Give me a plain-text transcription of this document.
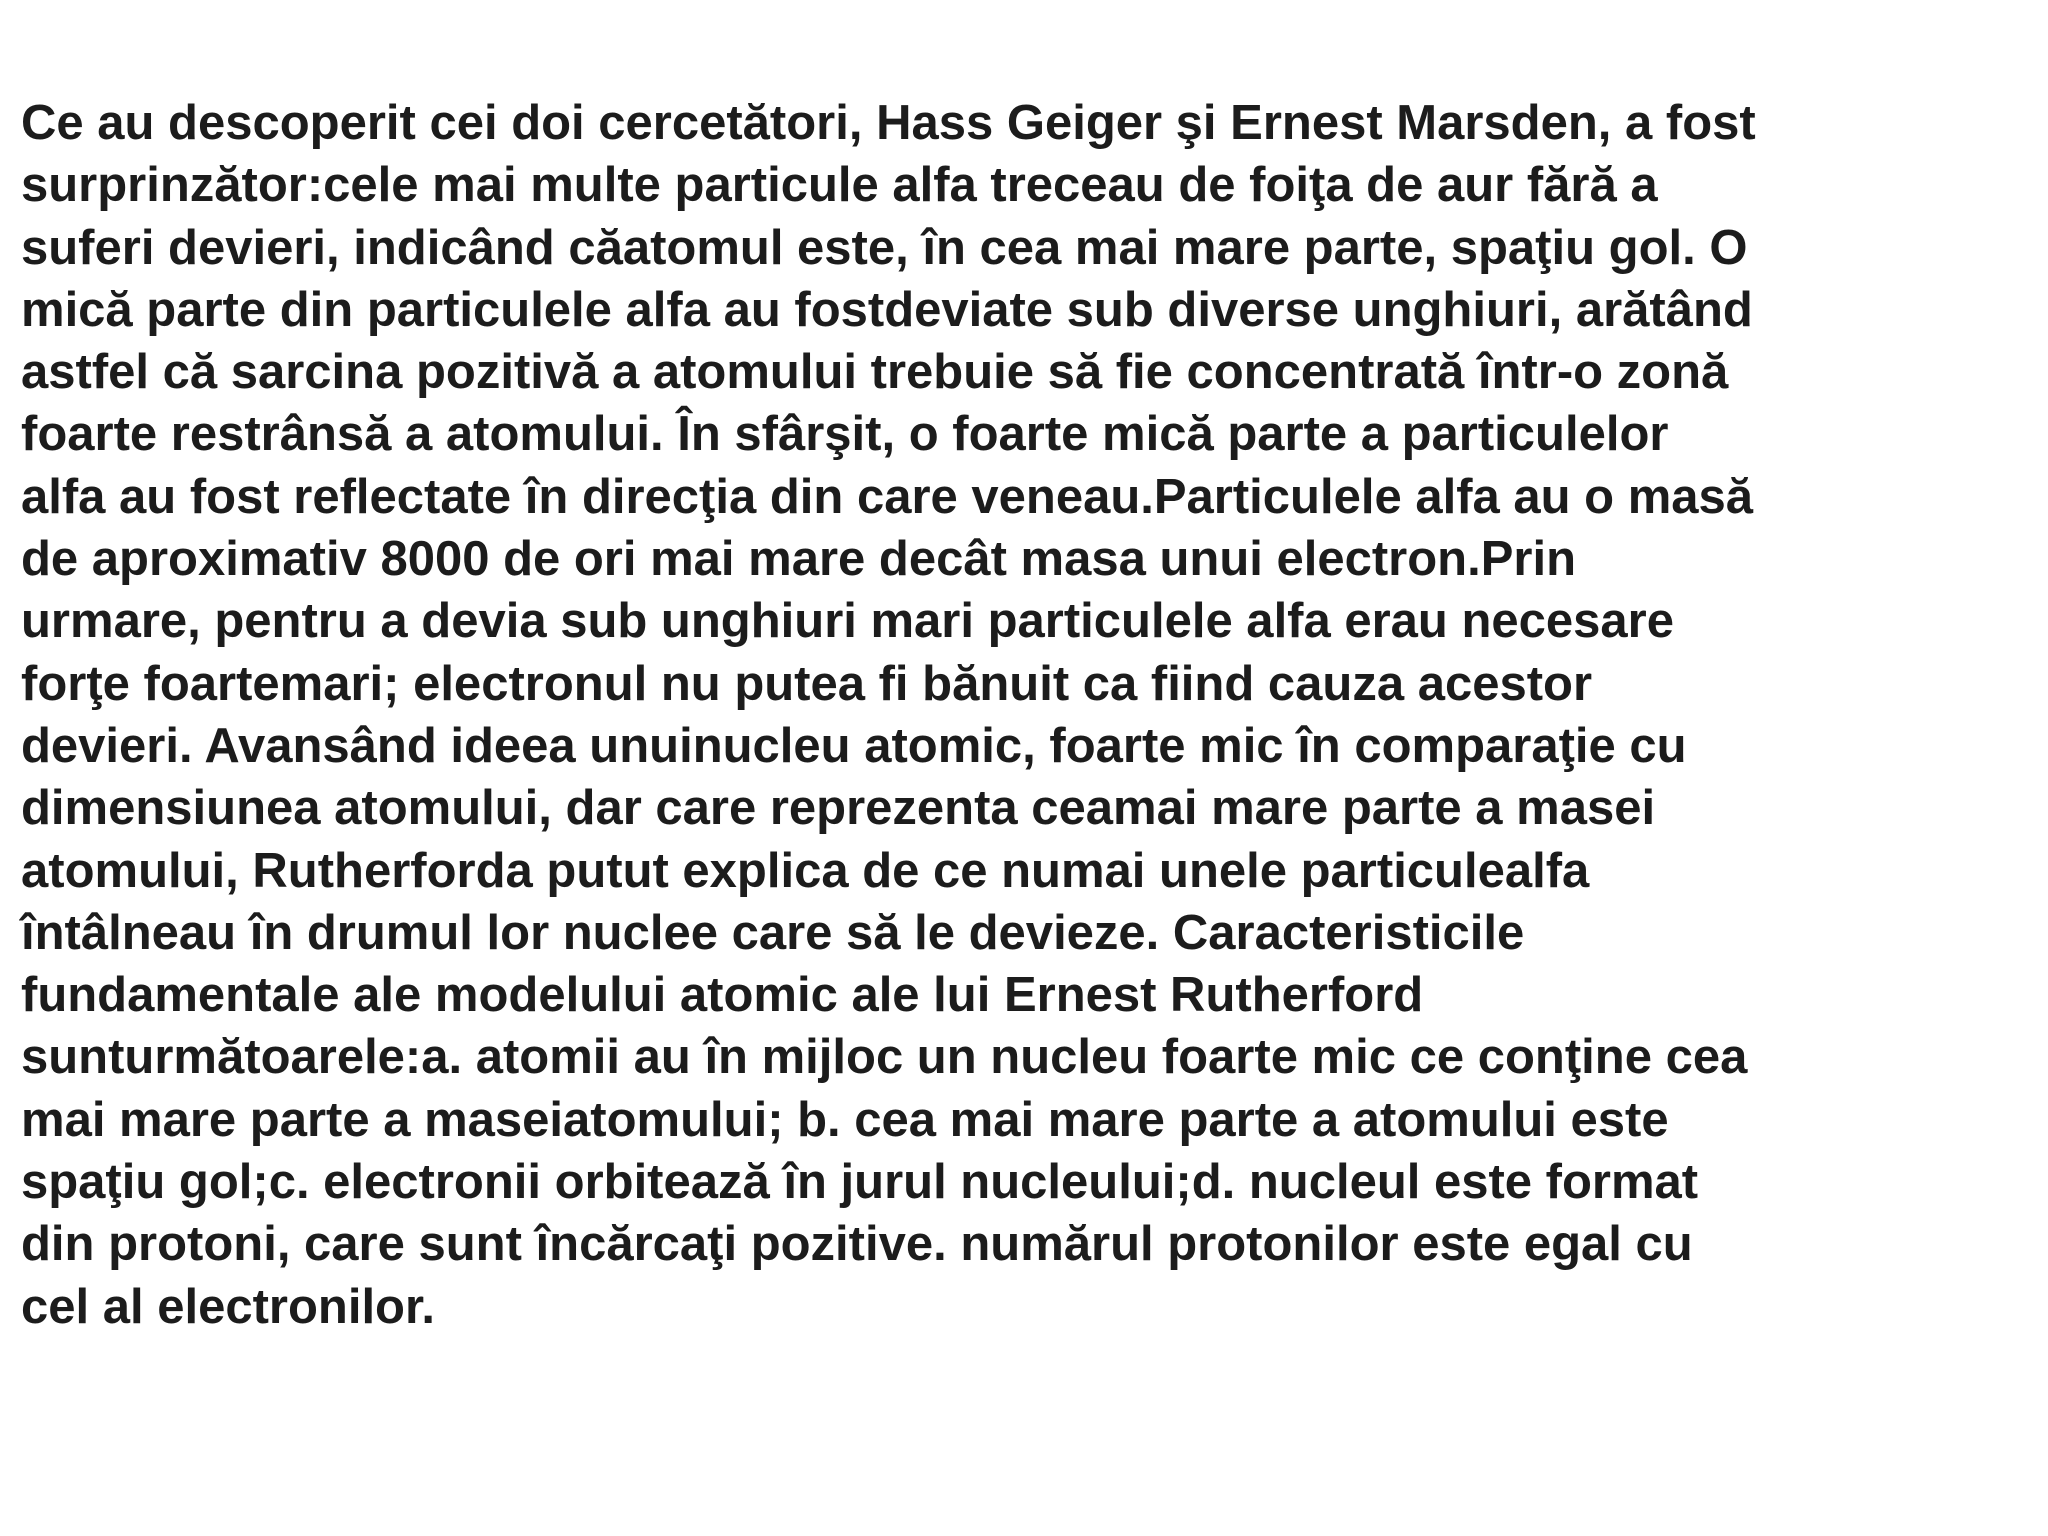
Ce au descoperit cei doi cercetători, Hass Geiger şi Ernest Marsden, a fost
surprinzător:cele mai multe particule alfa treceau de foiţa de aur fără a
suferi devieri, indicând căatomul este, în cea mai mare parte, spaţiu gol. O
mică parte din particulele alfa au fostdeviate sub diverse unghiuri, arătând
astfel că sarcina pozitivă a atomului trebuie să fie concentrată într-o zonă
foarte restrânsă a atomului. În sfârşit, o foarte mică parte a particulelor
alfa au fost reflectate în direcţia din care veneau.Particulele alfa au o masă
de aproximativ 8000 de ori mai mare decât masa unui electron.Prin
urmare, pentru a devia sub unghiuri mari particulele alfa erau necesare
forţe foartemari; electronul nu putea fi bănuit ca fiind cauza acestor
devieri. Avansând ideea unuinucleu atomic, foarte mic în comparaţie cu
dimensiunea atomului, dar care reprezenta ceamai mare parte a masei
atomului, Rutherforda putut explica de ce numai unele particulealfa
întâlneau în drumul lor nuclee care să le devieze. Caracteristicile
fundamentale ale modelului atomic ale lui Ernest Rutherford
sunturmătoarele:a. atomii au în mijloc un nucleu foarte mic ce conţine cea
mai mare parte a maseiatomului; b. cea mai mare parte a atomului este
spaţiu gol;c. electronii orbitează în jurul nucleului;d. nucleul este format
din protoni, care sunt încărcaţi pozitive. numărul protonilor este egal cu
cel al electronilor.
